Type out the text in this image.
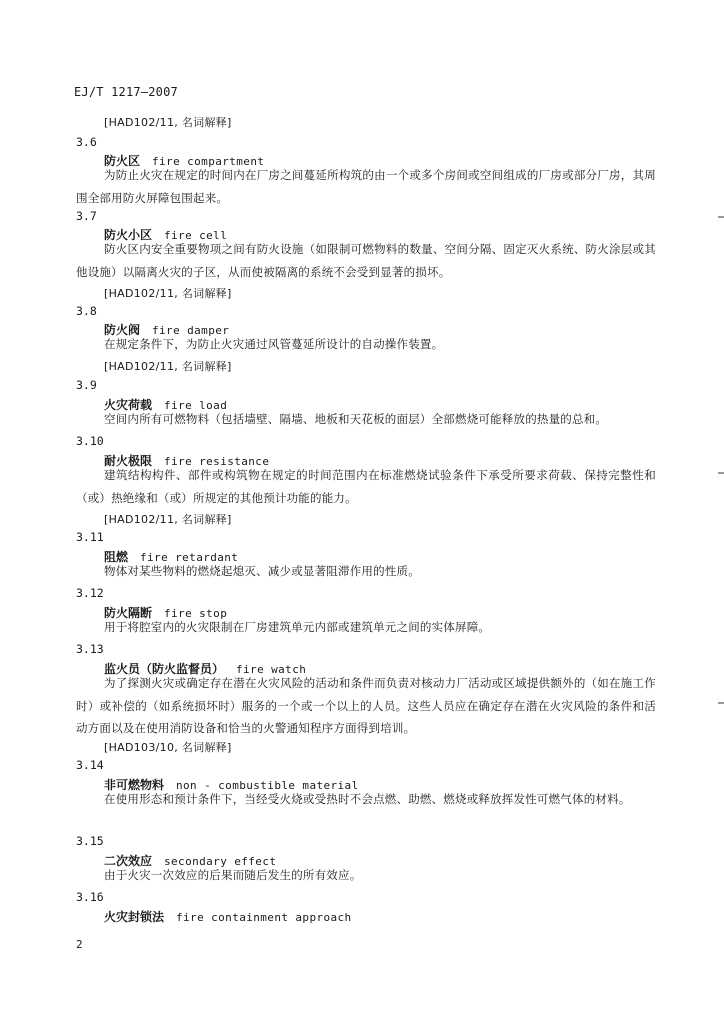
EJ/T 1217—2007
[HAD102/11, 名词解释]
3.6
防火区 fire compartment
为防止火灾在规定的时间内在厂房之间蔓延所构筑的由一个或多个房间或空间组成的厂房或部分厂房，其周围全部用防火屏障包围起来。
3.7
防火小区 fire cell
防火区内安全重要物项之间有防火设施（如限制可燃物料的数量、空间分隔、固定灭火系统、防火涂层或其他设施）以隔离火灾的子区，从而使被隔离的系统不会受到显著的损坏。
[HAD102/11, 名词解释]
3.8
防火阀 fire damper
在规定条件下，为防止火灾通过风管蔓延所设计的自动操作装置。
[HAD102/11, 名词解释]
3.9
火灾荷载 fire load
空间内所有可燃物料（包括墙壁、隔墙、地板和天花板的面层）全部燃烧可能释放的热量的总和。
3.10
耐火极限 fire resistance
建筑结构构件、部件或构筑物在规定的时间范围内在标准燃烧试验条件下承受所要求荷载、保持完整性和（或）热绝缘和（或）所规定的其他预计功能的能力。
[HAD102/11, 名词解释]
3.11
阻燃 fire retardant
物体对某些物料的燃烧起熄灭、减少或显著阻滞作用的性质。
3.12
防火隔断 fire stop
用于将腔室内的火灾限制在厂房建筑单元内部或建筑单元之间的实体屏障。
3.13
监火员（防火监督员） fire watch
为了探测火灾或确定存在潜在火灾风险的活动和条件而负责对核动力厂活动或区域提供额外的（如在施工作时）或补偿的（如系统损坏时）服务的一个或一个以上的人员。这些人员应在确定存在潜在火灾风险的条件和活动方面以及在使用消防设备和恰当的火警通知程序方面得到培训。
[HAD103/10, 名词解释]
3.14
非可燃物料 non - combustible material
在使用形态和预计条件下，当经受火烧或受热时不会点燃、助燃、燃烧或释放挥发性可燃气体的材料。
3.15
二次效应 secondary effect
由于火灾一次效应的后果而随后发生的所有效应。
3.16
火灾封锁法 fire containment approach
2
